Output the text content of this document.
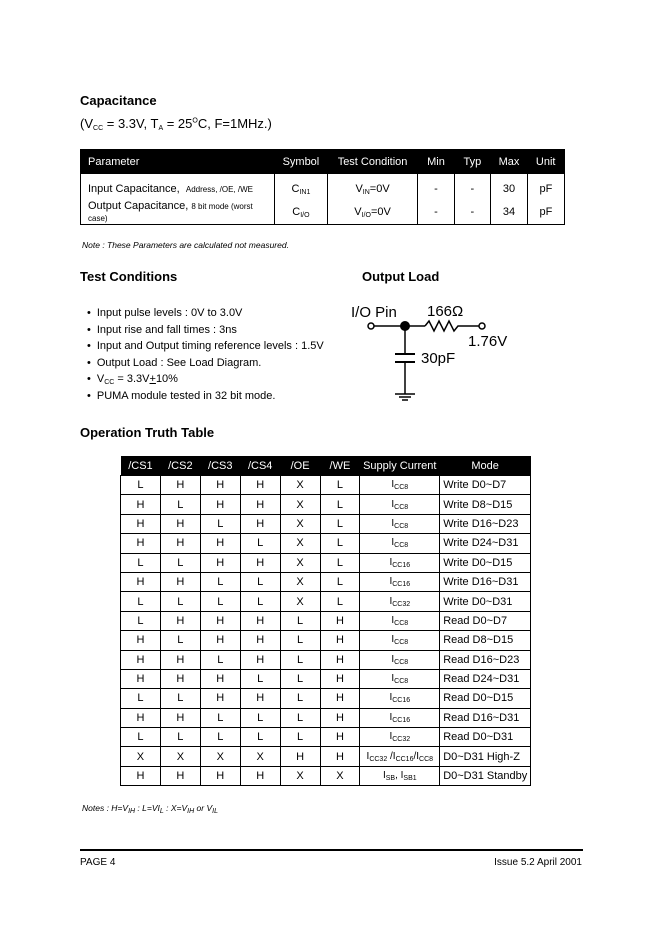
Capacitance
($V_{CC} = 3.3V$, $T_A = 25^OC$, F=1MHz.)
Parameter	Symbol	Test Condition	Min	Typ	Max	Unit
Input Capacitance, Address, /OE, /WE	$C_{IN1}$	$V_{IN}=0V$	-	-	30	pF
Output Capacitance, 8 bit mode (worst case)	$C_{I/O}$	$V_{I/O}=0V$	-	-	34	pF
Note : These Parameters are calculated not measured.
Test Conditions
• Input pulse levels : 0V to 3.0V
• Input rise and fall times : 3ns
• Input and Output timing reference levels : 1.5V
• Output Load : See Load Diagram.
• $V_{CC} = 3.3V+10\%$
• PUMA module tested in 32 bit mode.
Output Load
I/O Pin 166Ω
1.76V
30pF
Operation Truth Table
/CS1	/CS2	/CS3	/CS4	/OE	/WE	Supply Current	Mode
L	H	H	H	X	L	$I_{CC8}$	Write D0~D7
H	L	H	H	X	L	$I_{CC8}$	Write D8~D15
H	H	L	H	X	L	$I_{CC8}$	Write D16~D23
H	H	H	L	X	L	$I_{CC8}$	Write D24~D31
L	L	H	H	X	L	$I_{CC16}$	Write D0~D15
H	H	L	L	X	L	$I_{CC16}$	Write D16~D31
L	L	L	L	X	L	$I_{CC32}$	Write D0~D31
L	H	H	H	L	H	$I_{CC8}$	Read D0~D7
H	L	H	H	L	H	$I_{CC8}$	Read D8~D15
H	H	L	H	L	H	$I_{CC8}$	Read D16~D23
H	H	H	L	L	H	$I_{CC8}$	Read D24~D31
L	L	H	H	L	H	$I_{CC16}$	Read D0~D15
H	H	L	L	L	H	$I_{CC16}$	Read D16~D31
L	L	L	L	L	H	$I_{CC32}$	Read D0~D31
X	X	X	X	H	H	$I_{CC32}$ $/I_{CC16}/I_{CC8}$	D0~D31 High-Z
H	H	H	H	X	X	$I_{SB}$, $I_{SB1}$	D0~D31 Standby
Notes : $H=V_{IH}$ : $L=VI_L$ : $X=V_{IH}$ or $V_{IL}$
PAGE 4	Issue 5.2 April 2001
